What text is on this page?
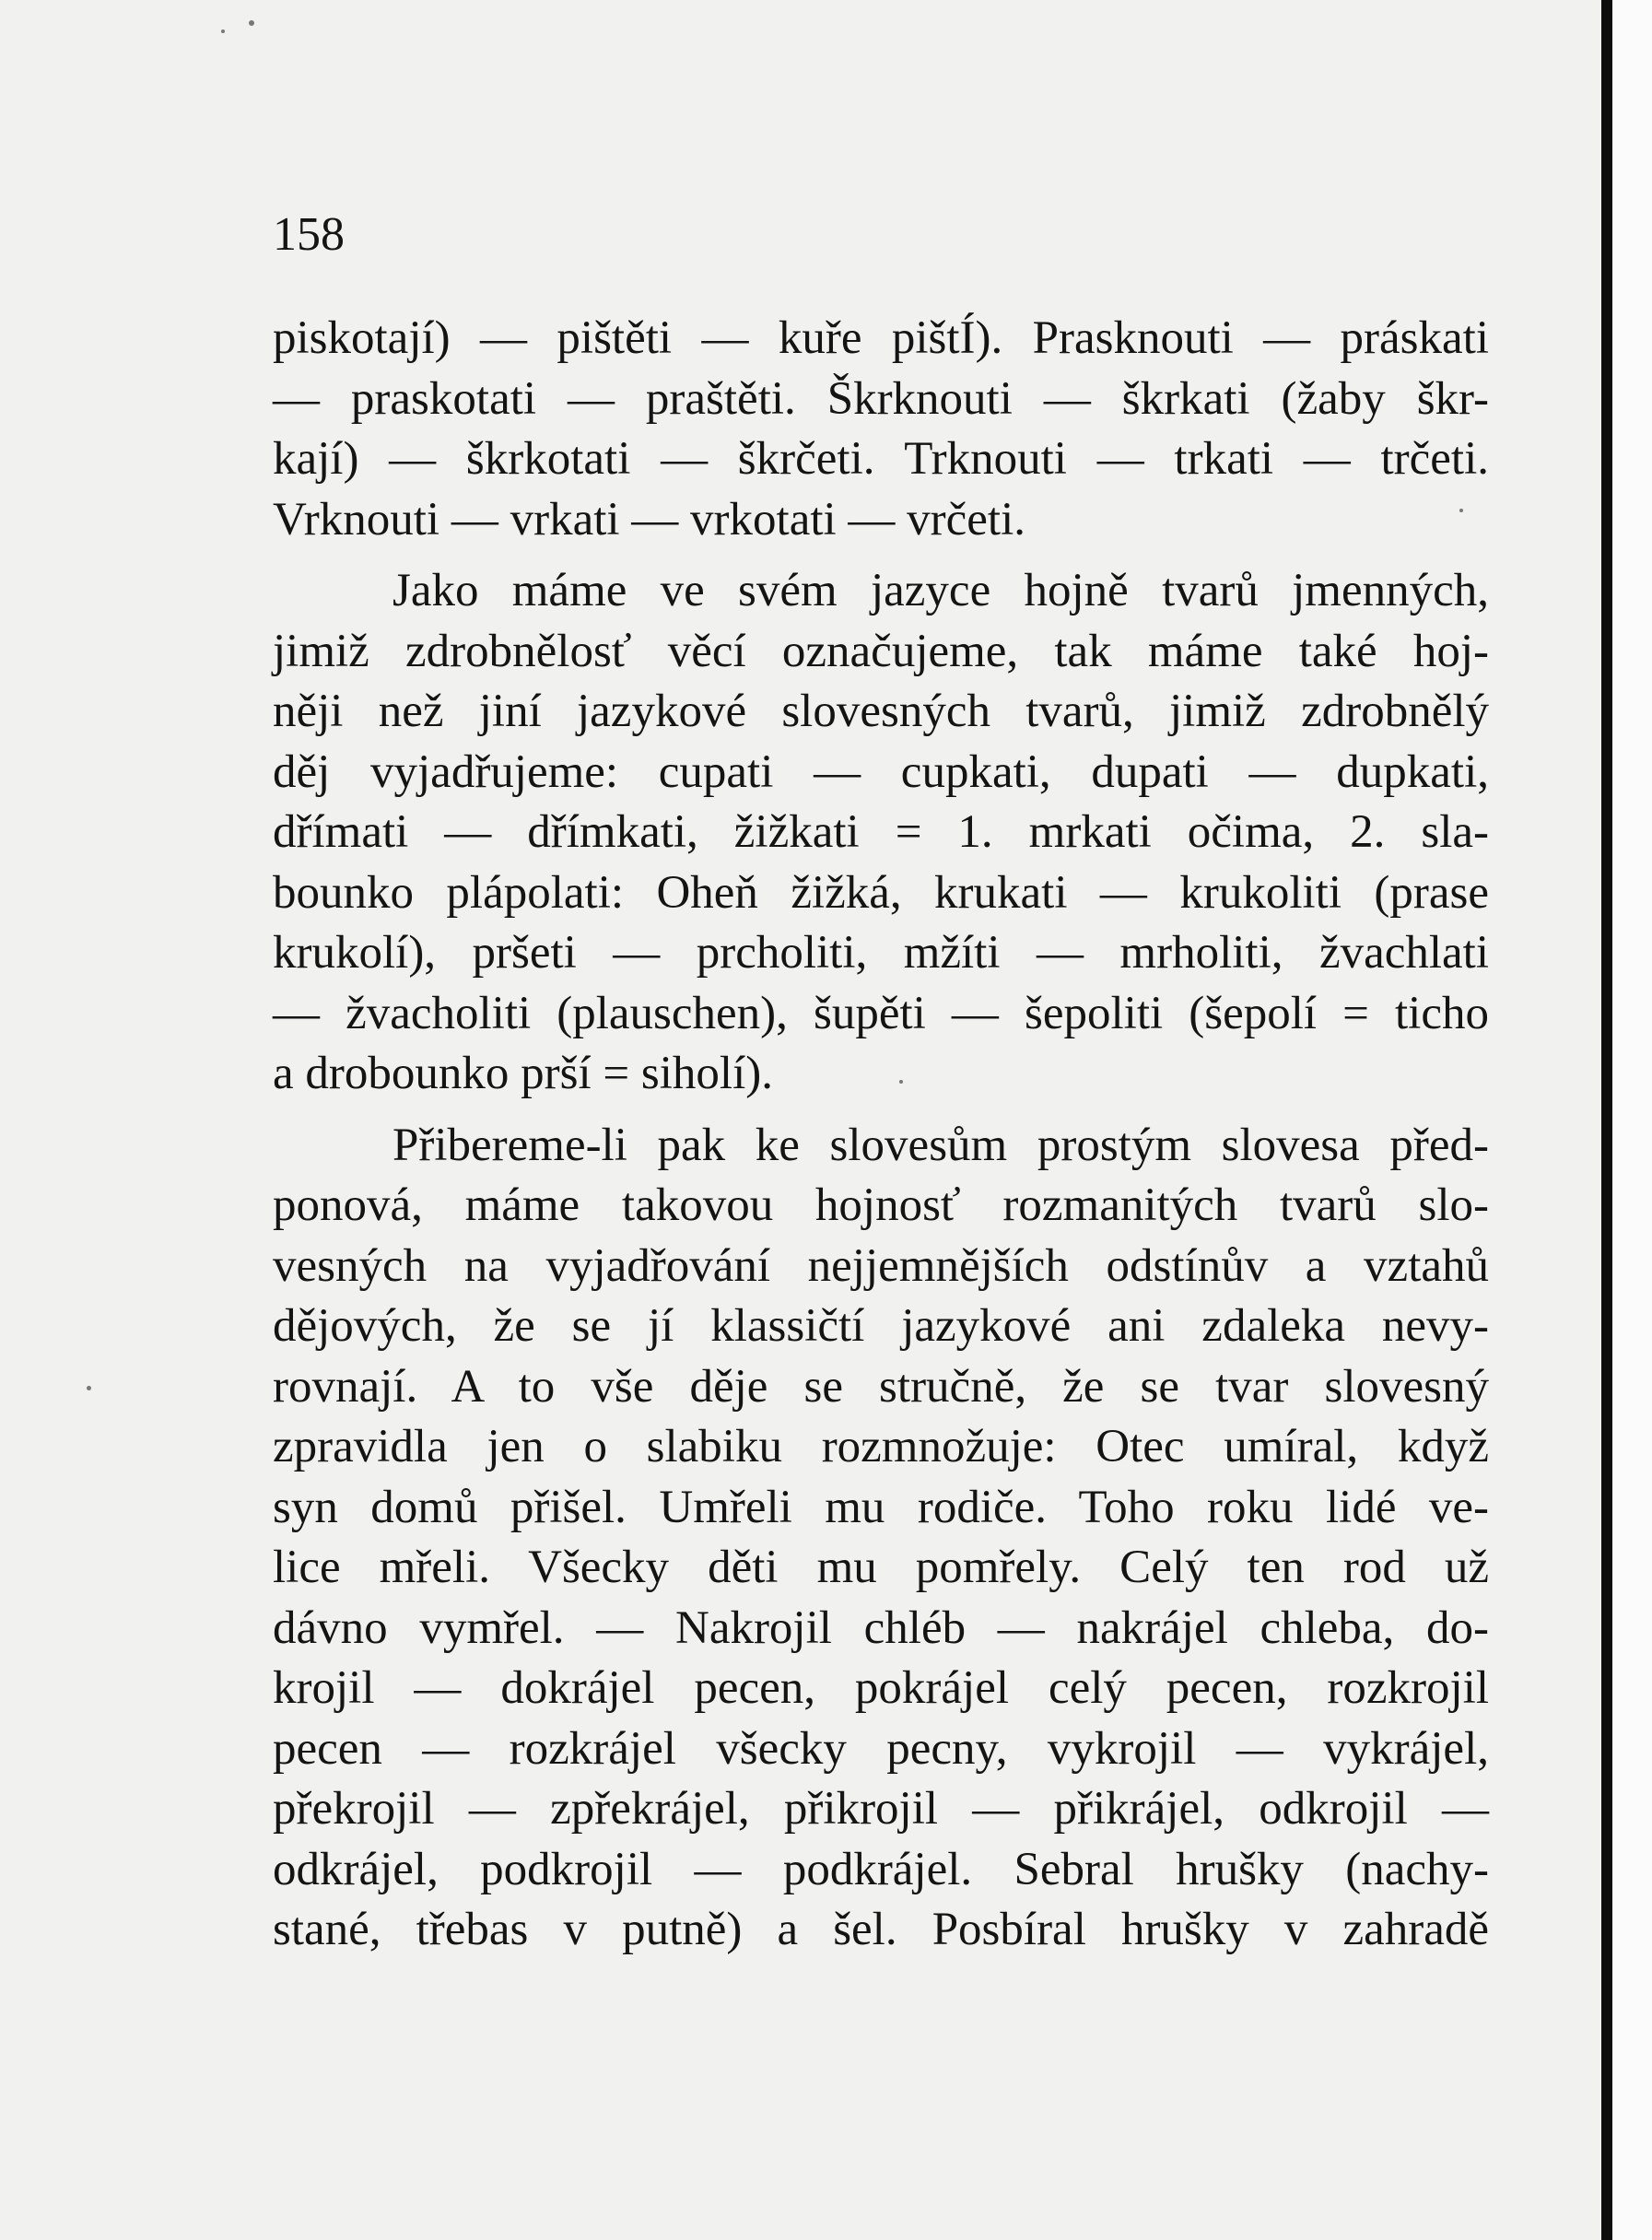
158
piskotají) — pištěti — kuře pištÍ). Prasknouti — práskati
— praskotati — praštěti. Škrknouti — škrkati (žaby škr-
kají) — škrkotati — škrčeti. Trknouti — trkati — trčeti.
Vrknouti — vrkati — vrkotati — vrčeti.
Jako máme ve svém jazyce hojně tvarů jmenných,
jimiž zdrobnělosť věcí označujeme, tak máme také hoj-
něji než jiní jazykové slovesných tvarů, jimiž zdrobnělý
děj vyjadřujeme: cupati — cupkati, dupati — dupkati,
dřímati — dřímkati, žižkati = 1. mrkati očima, 2. sla-
bounko plápolati: Oheň žižká, krukati — krukoliti (prase
krukolí), pršeti — prcholiti, mžíti — mrholiti, žvachlati
— žvacholiti (plauschen), šupěti — šepoliti (šepolí = ticho
a drobounko prší = siholí).
Přibereme-li pak ke slovesům prostým slovesa před-
ponová, máme takovou hojnosť rozmanitých tvarů slo-
vesných na vyjadřování nejjemnějších odstínův a vztahů
dějových, že se jí klassičtí jazykové ani zdaleka nevy-
rovnají. A to vše děje se stručně, že se tvar slovesný
zpravidla jen o slabiku rozmnožuje: Otec umíral, když
syn domů přišel. Umřeli mu rodiče. Toho roku lidé ve-
lice mřeli. Všecky děti mu pomřely. Celý ten rod už
dávno vymřel. — Nakrojil chléb — nakrájel chleba, do-
krojil — dokrájel pecen, pokrájel celý pecen, rozkrojil
pecen — rozkrájel všecky pecny, vykrojil — vykrájel,
překrojil — zpřekrájel, přikrojil — přikrájel, odkrojil —
odkrájel, podkrojil — podkrájel. Sebral hrušky (nachy-
stané, třebas v putně) a šel. Posbíral hrušky v zahradě
